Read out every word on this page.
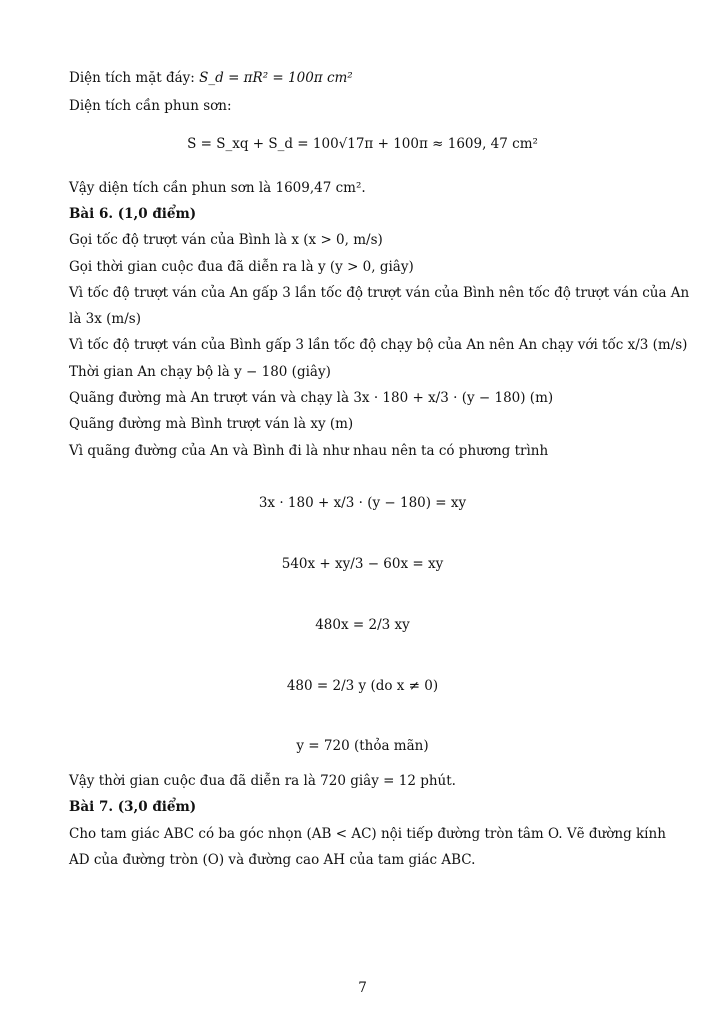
Diện tích mặt đáy: S_d = πR² = 100π cm²
Diện tích cần phun sơn:
S = S_xq + S_d = 100√17π + 100π ≈ 1609, 47 cm²
Vậy diện tích cần phun sơn là 1609,47 cm².
Bài 6. (1,0 điểm)
Gọi tốc độ trượt ván của Bình là x (x > 0, m/s)
Gọi thời gian cuộc đua đã diễn ra là y (y > 0, giây)
Vì tốc độ trượt ván của An gấp 3 lần tốc độ trượt ván của Bình nên tốc độ trượt ván của An
là 3x (m/s)
Vì tốc độ trượt ván của Bình gấp 3 lần tốc độ chạy bộ của An nên An chạy với tốc x/3 (m/s)
Thời gian An chạy bộ là y − 180 (giây)
Quãng đường mà An trượt ván và chạy là 3x · 180 + x/3 · (y − 180) (m)
Quãng đường mà Bình trượt ván là xy (m)
Vì quãng đường của An và Bình đi là như nhau nên ta có phương trình
3x · 180 + x/3 · (y − 180) = xy
540x + xy/3 − 60x = xy
480x = 2/3 xy
480 = 2/3 y (do x ≠ 0)
y = 720 (thỏa mãn)
Vậy thời gian cuộc đua đã diễn ra là 720 giây = 12 phút.
Bài 7. (3,0 điểm)
Cho tam giác ABC có ba góc nhọn (AB < AC) nội tiếp đường tròn tâm O. Vẽ đường kính
AD của đường tròn (O) và đường cao AH của tam giác ABC.
7
